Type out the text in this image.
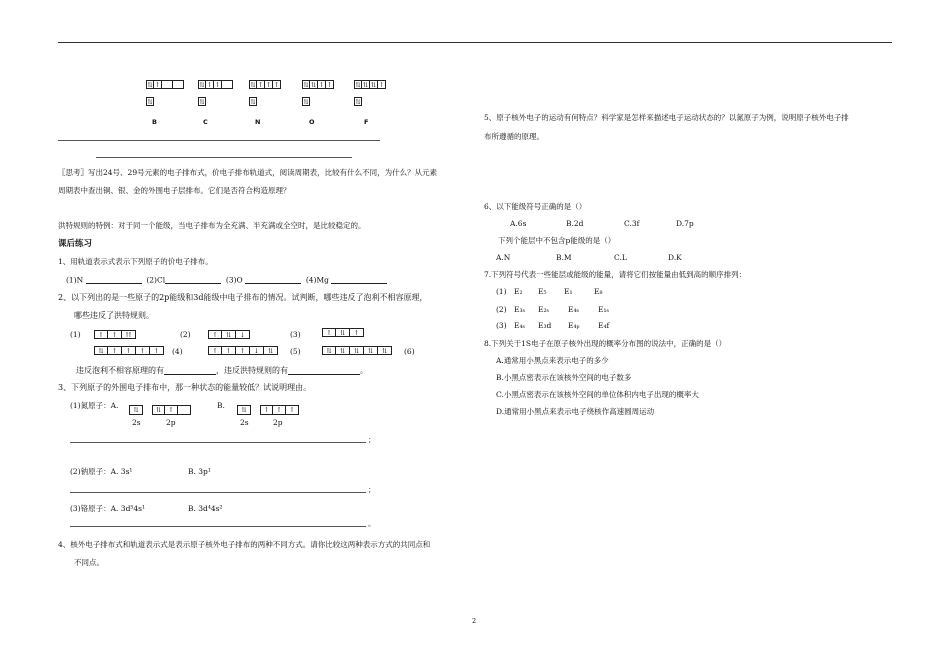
⇅ ↑
⇅
⇅ ↑ ↑
⇅
⇅ ↑ ↑ ↑
⇅
⇅ ⇅ ↑ ↑
⇅
⇅ ⇅ ⇅ ↑
⇅
B	C	N	O	F
〖思考〗写出24号、29号元素的电子排布式，价电子排布轨道式，阅读周期表，比较有什么不同，为什么？从元素
周期表中查出铜、银、金的外围电子层排布。它们是否符合构造原理？
洪特规则的特例：对于同一个能级，当电子排布为全充满、半充满或全空时，是比较稳定的。
课后练习
1、用轨道表示式表示下列原子的价电子排布。
(1)N	(2)Cl	(3)O	(4)Mg
2、以下列出的是一些原子的2p能级和3d能级中电子排布的情况。试判断，哪些违反了泡利不相容原理，
哪些违反了洪特规则。
(1)	↑	↑	⇈	(2)	↑	⇅	↓	(3)	↑	⇅	↑
⇅	↑	↑	↑	↑	(4)	↑	↑	↑	↓	⇅	(5)	⇅	⇅	⇅	⇅	⇅	(6)
违反泡利不相容原理的有	，违反洪特规则的有	。
3、下列原子的外围电子排布中，那一种状态的能量较低？试说明理由。
(1)氮原子：A.	⇅	⇅	↑
2s	2p
B.	⇅	↑	↑	↑
2s	2p
；
(2)钠原子：A. 3s¹	B. 3p¹
；
(3)铬原子：A. 3d⁵4s¹	B. 3d⁴4s²
。
4、核外电子排布式和轨道表示式是表示原子核外电子排布的两种不同方式。请你比较这两种表示方式的共同点和
不同点。
5、原子核外电子的运动有何特点？科学家是怎样来描述电子运动状态的？以氮原子为例，说明原子核外电子排
布所遵循的原理。
6、以下能级符号正确的是（）
A.6s	B.2d	C.3f	D.7p
下列个能层中不包含p能级的是（）
A.N	B.M	C.L	D.K
7.下列符号代表一些能层或能级的能量，请将它们按能量由低到高的顺序排列：
(1) E₂ E₅ E₁	E₈
(2) E₃ₛ E₂ₛ	E₄ₛ	E₁ₛ
(3) E₄ₛ E₃d E₄ₚ E₄f
8.下列关于1S电子在原子核外出现的概率分布图的说法中，正确的是（）
A.通常用小黑点来表示电子的多少
B.小黑点密表示在该核外空间的电子数多
C.小黑点密表示在该核外空间的单位体积内电子出现的概率大
D.通常用小黑点来表示电子绕核作高速圆周运动
2
